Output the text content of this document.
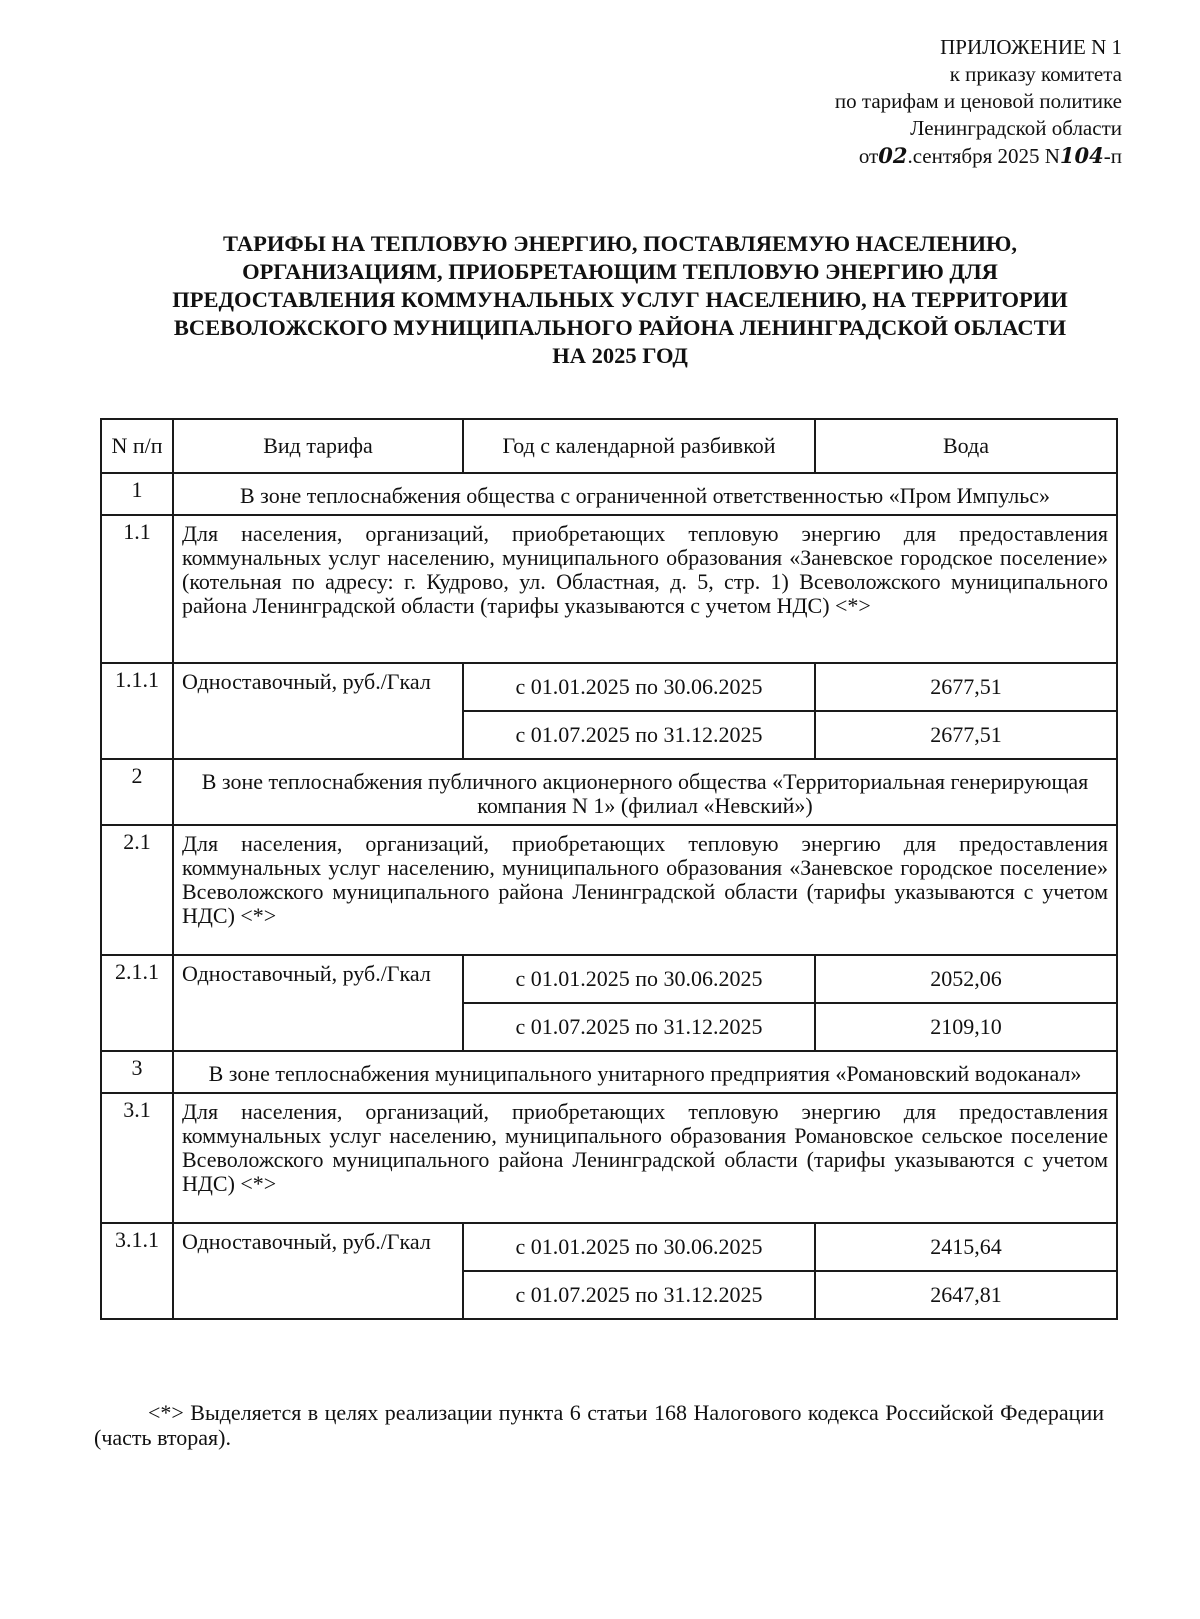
ПРИЛОЖЕНИЕ N 1
к приказу комитета
по тарифам и ценовой политике
Ленинградской области
от02.сентября 2025 N104-п
ТАРИФЫ НА ТЕПЛОВУЮ ЭНЕРГИЮ, ПОСТАВЛЯЕМУЮ НАСЕЛЕНИЮ,
ОРГАНИЗАЦИЯМ, ПРИОБРЕТАЮЩИМ ТЕПЛОВУЮ ЭНЕРГИЮ ДЛЯ
ПРЕДОСТАВЛЕНИЯ КОММУНАЛЬНЫХ УСЛУГ НАСЕЛЕНИЮ, НА ТЕРРИТОРИИ
ВСЕВОЛОЖСКОГО МУНИЦИПАЛЬНОГО РАЙОНА ЛЕНИНГРАДСКОЙ ОБЛАСТИ
НА 2025 ГОД
N п/п	Вид тарифа	Год с календарной разбивкой	Вода
1	В зоне теплоснабжения общества с ограниченной ответственностью «Пром Импульс»		
1.1	Для населения, организаций, приобретающих тепловую энергию для предоставления коммунальных услуг населению, муниципального образования «Заневское городское поселение» (котельная по адресу: г. Кудрово, ул. Областная, д. 5, стр. 1) Всеволожского муниципального района Ленинградской области (тарифы указываются с учетом НДС) <*>		
1.1.1	Одноставочный, руб./Гкал	с 01.01.2025 по 30.06.2025	2677,51
		с 01.07.2025 по 31.12.2025	2677,51
2	В зоне теплоснабжения публичного акционерного общества «Территориальная генерирующая компания N 1» (филиал «Невский»)		
2.1	Для населения, организаций, приобретающих тепловую энергию для предоставления коммунальных услуг населению, муниципального образования «Заневское городское поселение» Всеволожского муниципального района Ленинградской области (тарифы указываются с учетом НДС) <*>		
2.1.1	Одноставочный, руб./Гкал	с 01.01.2025 по 30.06.2025	2052,06
		с 01.07.2025 по 31.12.2025	2109,10
3	В зоне теплоснабжения муниципального унитарного предприятия «Романовский водоканал»		
3.1	Для населения, организаций, приобретающих тепловую энергию для предоставления коммунальных услуг населению, муниципального образования Романовское сельское поселение Всеволожского муниципального района Ленинградской области (тарифы указываются с учетом НДС) <*>		
3.1.1	Одноставочный, руб./Гкал	с 01.01.2025 по 30.06.2025	2415,64
		с 01.07.2025 по 31.12.2025	2647,81
<*> Выделяется в целях реализации пункта 6 статьи 168 Налогового кодекса Российской Федерации (часть вторая).
